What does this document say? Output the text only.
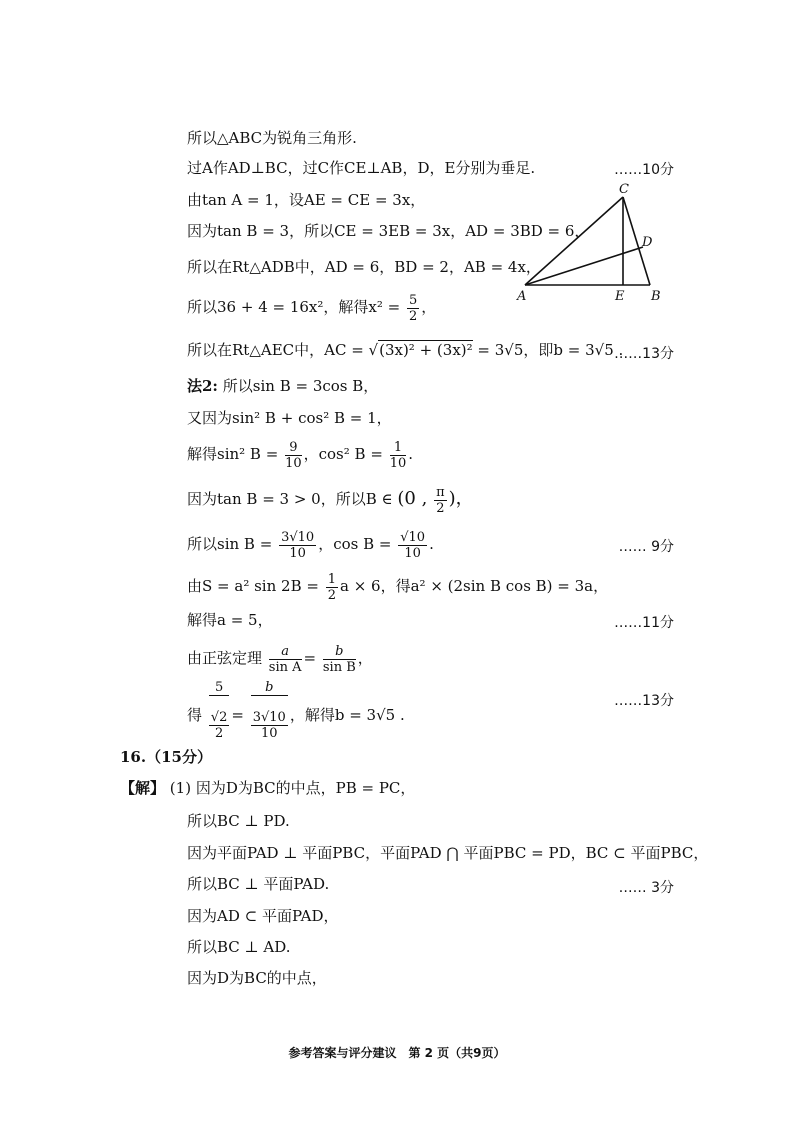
所以△ABC为锐角三角形.
过A作AD⊥BC，过C作CE⊥AB，D，E分别为垂足.	……10分
由tan A = 1，设AE = CE = 3x，
因为tan B = 3，所以CE = 3EB = 3x，AD = 3BD = 6，
所以在Rt△ADB中，AD = 6，BD = 2，AB = 4x，
所以36 + 4 = 16x²，解得$x^2 = \frac{5}{2}$ ，
所以在Rt△AEC中，AC = √(3x)² + (3x)² = 3√5，即b = 3√5 .
……13分
法2: 所以sin B = 3cos B，
又因为sin² B + cos² B = 1，
解得sin² $B = \frac{9}{10}$ ，cos² $B = \frac{1}{10}$ .
因为tan B = 3 > 0，所以B ∈ (0 , $\frac{\pi}{2}$ )，
所以$\sin B = \frac{3√10}{10}$ ，$\cos B = \frac{√10}{10}$ .	…… 9分
由S = a² $\sin 2B = \frac{1}{2}$ a × 6，得a² × (2sin B cos B) = 3a，
解得a = 5，	……11分
由正弦定理 $\frac{a}{\text{sin A}} = \frac{b}{\text{sin B}}$ ，
得 $\frac{5}{\frac{√2}{2}} = \frac{b}{\frac{3√10}{10}}$ ，解得b = 3√5 .
……13分
16.（15分）
【解】 (1) 因为D为BC的中点，PB = PC，
所以BC ⊥ PD.
因为平面PAD ⊥ 平面PBC，平面PAD ⋂ 平面PBC = PD，BC ⊂ 平面PBC，
所以BC ⊥ 平面PAD.	…… 3分
因为AD ⊂ 平面PAD，
所以BC ⊥ AD.
因为D为BC的中点，
A	E B
C
D
参考答案与评分建议　第 2 页（共9页）
